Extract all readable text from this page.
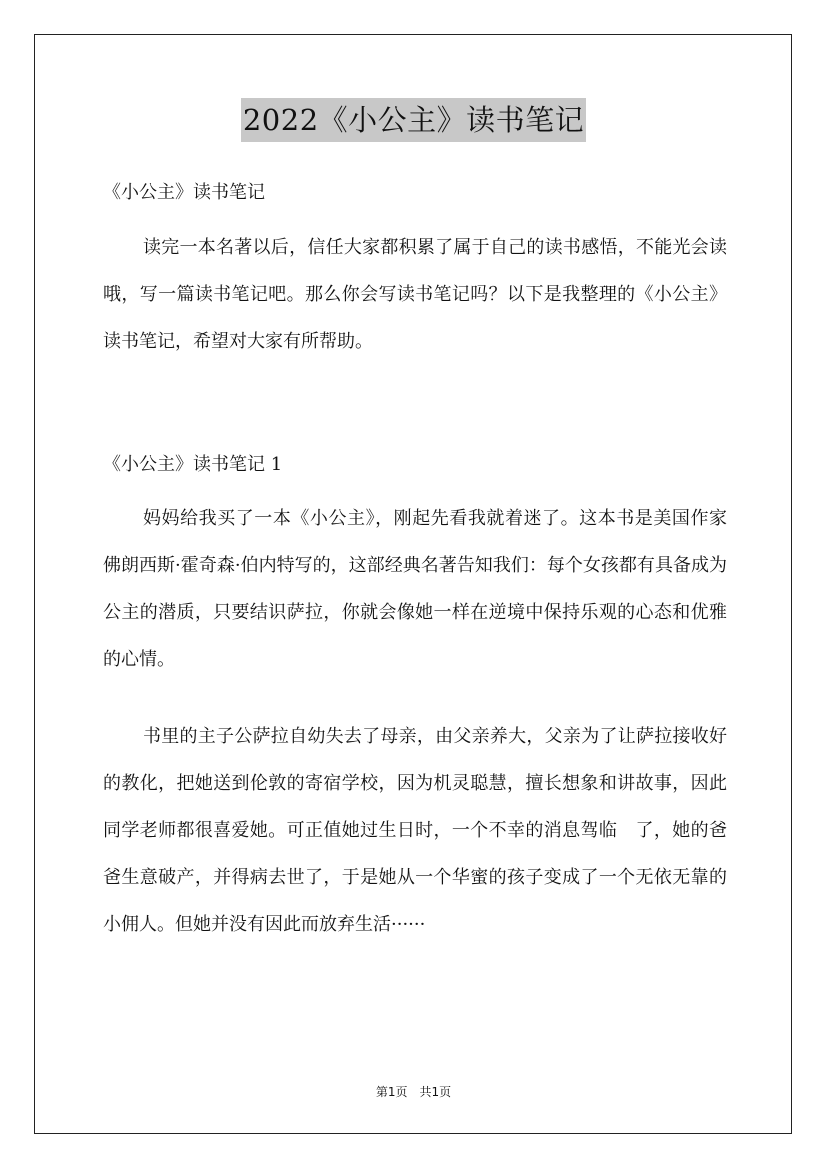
2022《小公主》读书笔记

《小公主》读书笔记

读完一本名著以后，信任大家都积累了属于自己的读书感悟，不能光会读哦，写一篇读书笔记吧。那么你会写读书笔记吗？以下是我整理的《小公主》读书笔记，希望对大家有所帮助。

《小公主》读书笔记 1

妈妈给我买了一本《小公主》，刚起先看我就着迷了。这本书是美国作家佛朗西斯·霍奇森·伯内特写的，这部经典名著告知我们：每个女孩都有具备成为公主的潜质，只要结识萨拉，你就会像她一样在逆境中保持乐观的心态和优雅的心情。

书里的主子公萨拉自幼失去了母亲，由父亲养大，父亲为了让萨拉接收好的教化，把她送到伦敦的寄宿学校，因为机灵聪慧，擅长想象和讲故事，因此同学老师都很喜爱她。可正值她过生日时，一个不幸的消息驾临　了，她的爸爸生意破产，并得病去世了，于是她从一个华蜜的孩子变成了一个无依无靠的小佣人。但她并没有因此而放弃生活······

第1页　共1页
